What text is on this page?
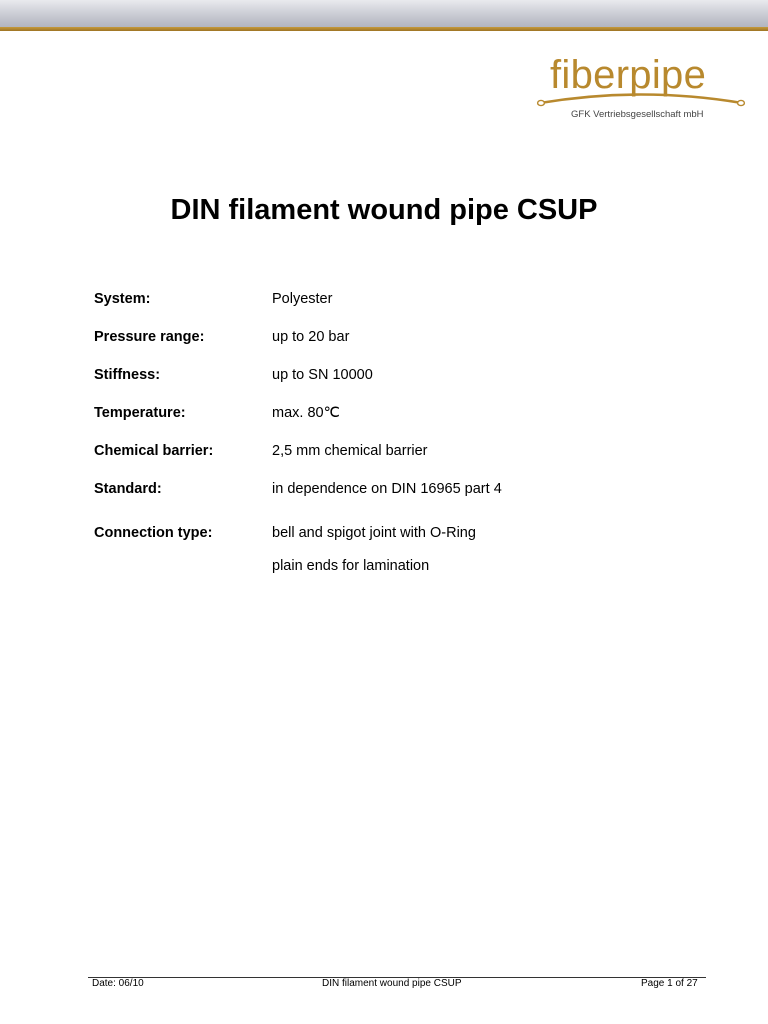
fiberpipe
GFK Vertriebsgesellschaft mbH
DIN filament wound pipe CSUP
System:	Polyester
Pressure range:	up to 20 bar
Stiffness:	up to SN 10000
Temperature:	max. 80℃
Chemical barrier:	2,5 mm chemical barrier
Standard:	in dependence on DIN 16965 part 4
Connection type:	bell and spigot joint with O-Ring
plain ends for lamination
Date: 06/10	DIN filament wound pipe CSUP	Page 1 of 27
